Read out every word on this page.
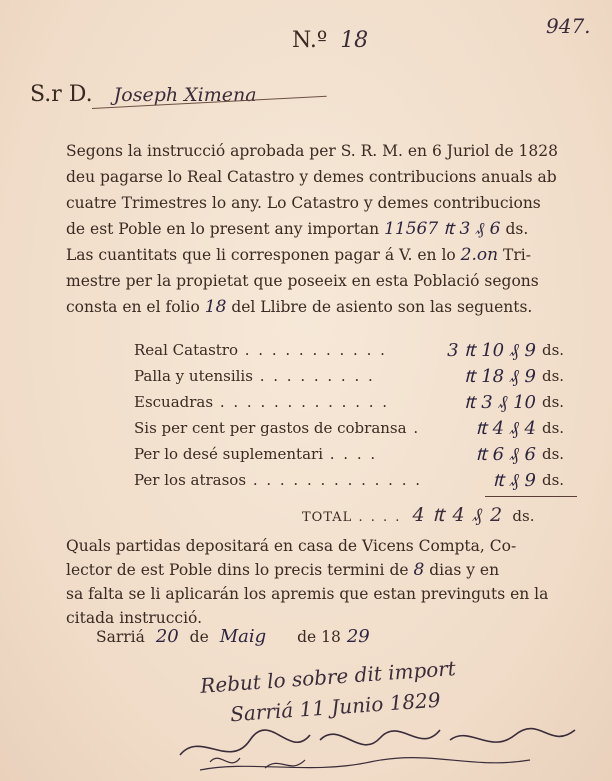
N.º 18
947.
S.r D. Joseph Ximena
Segons la instrucció aprobada per S. R. M. en 6 Juriol de 1828
deu pagarse lo Real Catastro y demes contribucions anuals ab
cuatre Trimestres lo any. Lo Catastro y demes contribucions
de est Poble en lo present any importan 11567 ₶ 3 ₰ 6 ds.
Las cuantitats que li corresponen pagar á V. en lo 2.on Tri-
mestre per la propietat que poseeix en esta Població segons
consta en el folio 18 del Llibre de asiento son las seguents.
Real Catastro . . . . . . . . . . .	3 ₶ 10 ₰ 9	ds.
Palla y utensilis . . . . . . . . .	₶ 18 ₰ 9	ds.
Escuadras . . . . . . . . . . . . .	₶ 3 ₰ 10	ds.
Sis per cent per gastos de cobransa .	₶ 4 ₰ 4	ds.
Per lo desé suplementari . . . .	₶ 6 ₰ 6	ds.
Per los atrasos . . . . . . . . . . . . .	₶ ₰ 9	ds.
TOTAL . . . . 4 ₶ 4 ₰ 2 ds.
Quals partidas depositará en casa de Vicens Compta, Co-
lector de est Poble dins lo precis termini de 8 dias y en
sa falta se li aplicarán los apremis que estan previnguts en la
citada instrucció.
Sarriá 20 de Maig de 18 29
Rebut lo sobre dit import
Sarriá 11 Junio 1829
